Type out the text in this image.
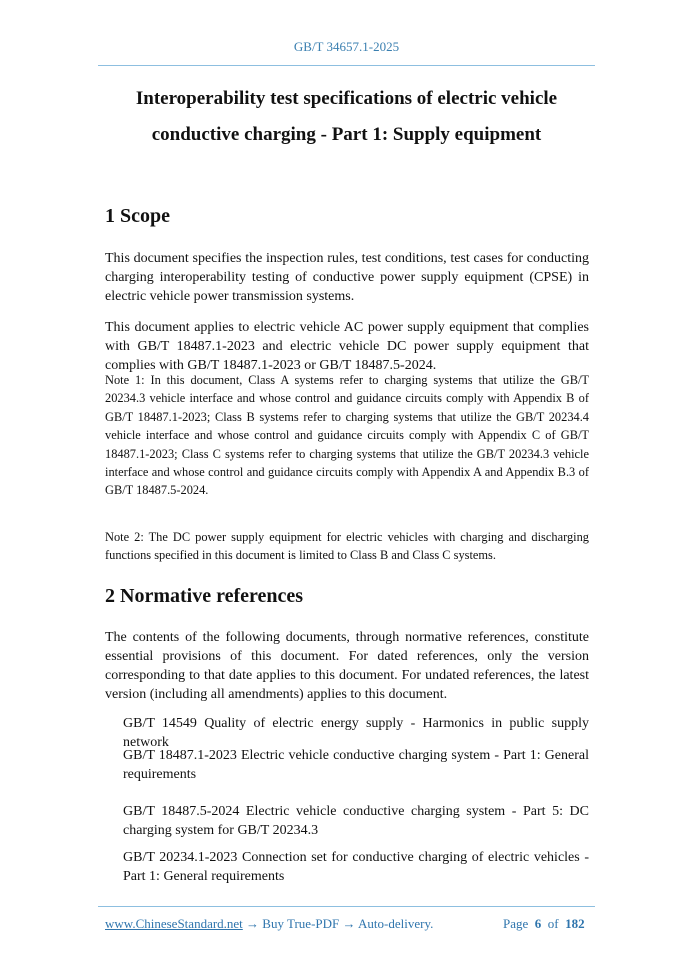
GB/T 34657.1-2025
Interoperability test specifications of electric vehicle
conductive charging - Part 1: Supply equipment
1 Scope
This document specifies the inspection rules, test conditions, test cases for conducting charging interoperability testing of conductive power supply equipment (CPSE) in electric vehicle power transmission systems.
This document applies to electric vehicle AC power supply equipment that complies with GB/T 18487.1-2023 and electric vehicle DC power supply equipment that complies with GB/T 18487.1-2023 or GB/T 18487.5-2024.
Note 1: In this document, Class A systems refer to charging systems that utilize the GB/T 20234.3 vehicle interface and whose control and guidance circuits comply with Appendix B of GB/T 18487.1-2023; Class B systems refer to charging systems that utilize the GB/T 20234.4 vehicle interface and whose control and guidance circuits comply with Appendix C of GB/T 18487.1-2023; Class C systems refer to charging systems that utilize the GB/T 20234.3 vehicle interface and whose control and guidance circuits comply with Appendix A and Appendix B.3 of GB/T 18487.5-2024.
Note 2: The DC power supply equipment for electric vehicles with charging and discharging functions specified in this document is limited to Class B and Class C systems.
2 Normative references
The contents of the following documents, through normative references, constitute essential provisions of this document. For dated references, only the version corresponding to that date applies to this document. For undated references, the latest version (including all amendments) applies to this document.
GB/T 14549 Quality of electric energy supply - Harmonics in public supply network
GB/T 18487.1-2023 Electric vehicle conductive charging system - Part 1: General requirements
GB/T 18487.5-2024 Electric vehicle conductive charging system - Part 5: DC charging system for GB/T 20234.3
GB/T 20234.1-2023 Connection set for conductive charging of electric vehicles - Part 1: General requirements
www.ChineseStandard.net → Buy True-PDF → Auto-delivery.	Page 6 of 182
